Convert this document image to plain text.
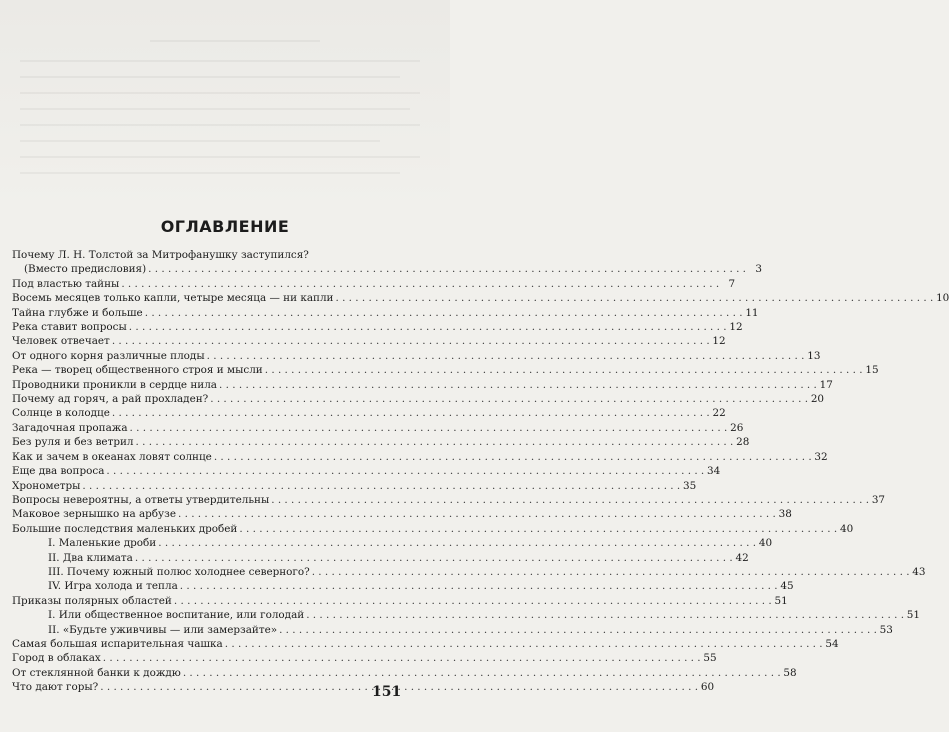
ОГЛАВЛЕНИЕ
Почему Л. Н. Толстой за Митрофанушку заступился?
(Вместо предисловия) . . .	3
Под властью тайны . . .	7
Восемь месяцев только капли, четыре месяца — ни капли . . .	10
Тайна глубже и больше . . .	11
Река ставит вопросы . . .	12
Человек отвечает . . .	12
От одного корня различные плоды . . .	13
Река — творец общественного строя и мысли . . .	15
Проводники проникли в сердце нила . . .	17
Почему ад горяч, а рай прохладен? . . .	20
Солнце в колодце . . .	22
Загадочная пропажа . . .	26
Без руля и без ветрил . . .	28
Как и зачем в океанах ловят солнце . . .	32
Еще два вопроса . . .	34
Хронометры . . .	35
Вопросы невероятны, а ответы утвердительны . . .	37
Маковое зернышко на арбузе . . .	38
Большие последствия маленьких дробей . . .	40
I. Маленькие дроби . . .	40
II. Два климата . . .	42
III. Почему южный полюс холоднее северного? . . .	43
IV. Игра холода и тепла . . .	45
Приказы полярных областей . . .	51
I. Или общественное воспитание, или голодай . . .	51
II. «Будьте уживчивы — или замерзайте» . . .	53
Самая большая испарительная чашка . . .	54
Город в облаках . . .	55
От стеклянной банки к дождю . . .	58
Что дают горы? . . .	60
151
